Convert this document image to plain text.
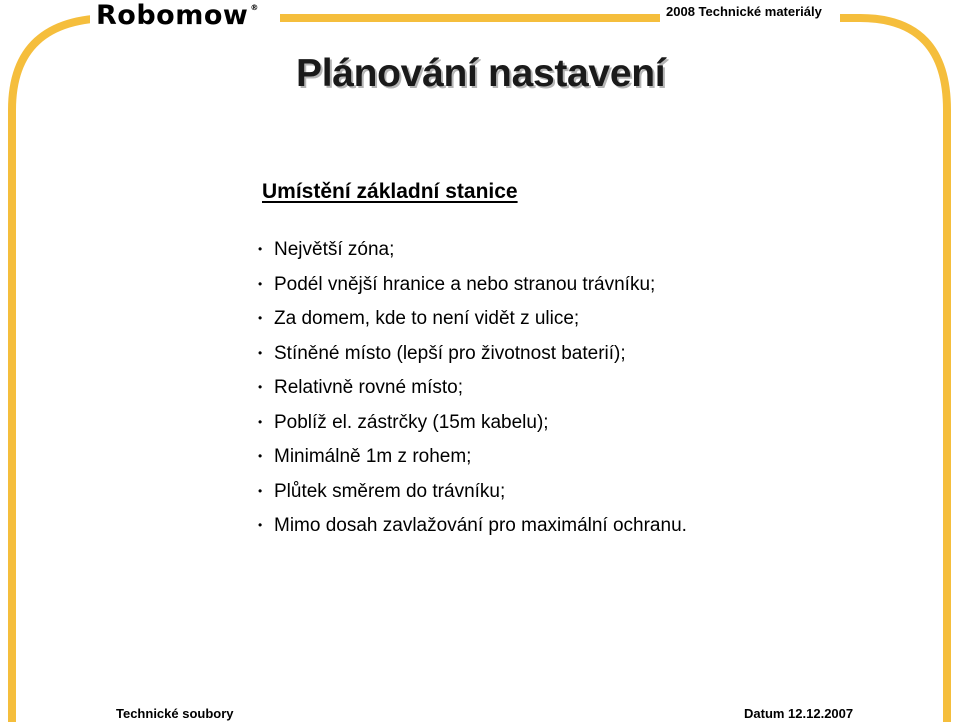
Robomow ®	2008 Technické materiály
Plánování nastavení
Umístění základní stanice
• Největší zóna;
• Podél vnější hranice a nebo stranou trávníku;
• Za domem, kde to není vidět z ulice;
• Stíněné místo (lepší pro životnost baterií);
• Relativně rovné místo;
• Poblíž el. zástrčky (15m kabelu);
• Minimálně 1m z rohem;
• Plůtek směrem do trávníku;
• Mimo dosah zavlažování pro maximální ochranu.
Technické soubory	Datum 12.12.2007
